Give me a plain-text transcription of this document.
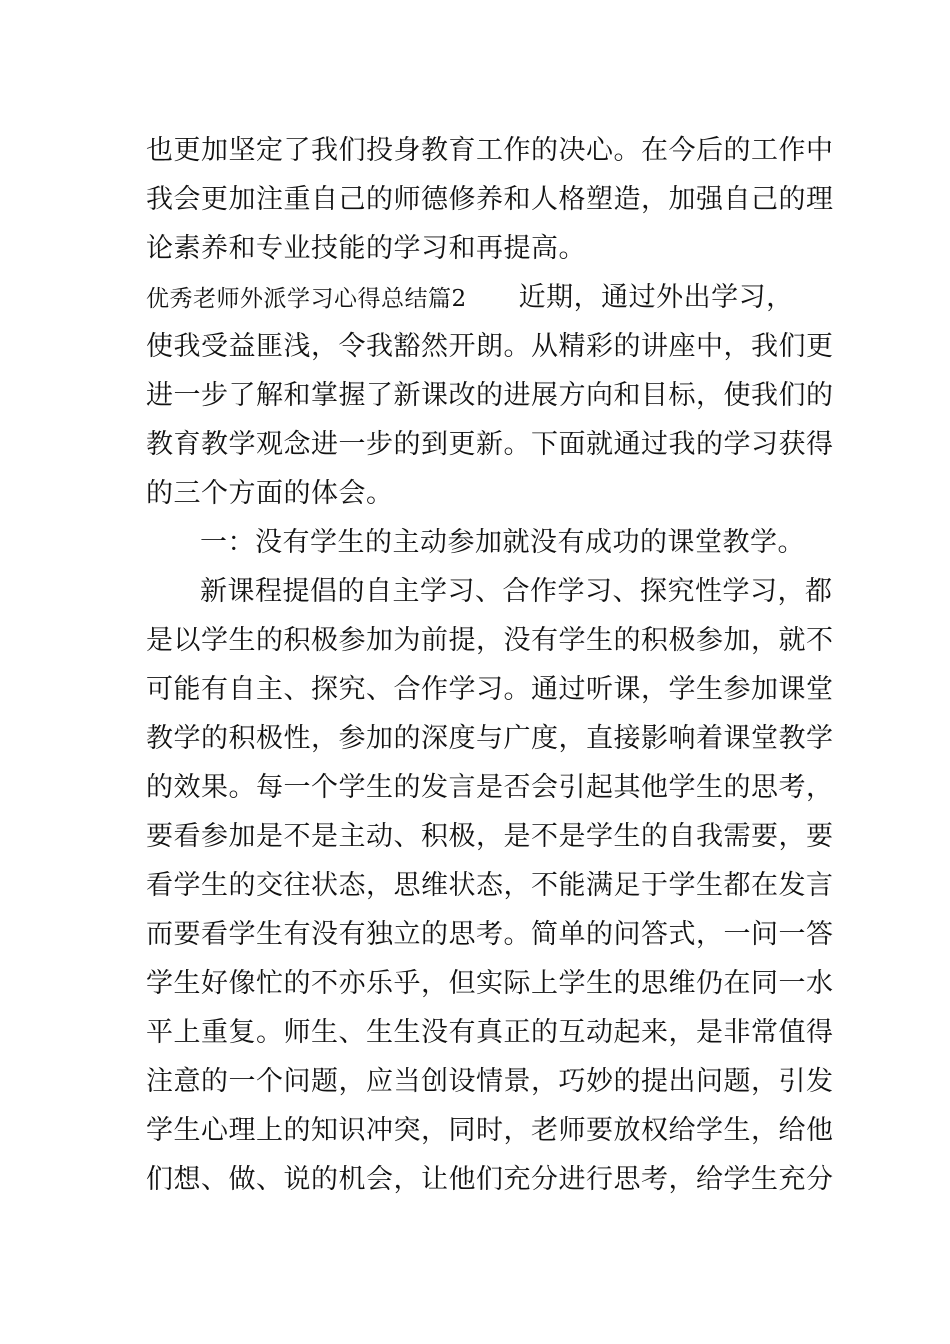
也更加坚定了我们投身教育工作的决心。在今后的工作中
我会更加注重自己的师德修养和人格塑造，加强自己的理
论素养和专业技能的学习和再提高。
优秀老师外派学习心得总结篇2 近期，通过外出学习，
使我受益匪浅，令我豁然开朗。从精彩的讲座中，我们更
进一步了解和掌握了新课改的进展方向和目标，使我们的
教育教学观念进一步的到更新。下面就通过我的学习获得
的三个方面的体会。
一：没有学生的主动参加就没有成功的课堂教学。
新课程提倡的自主学习、合作学习、探究性学习，都
是以学生的积极参加为前提，没有学生的积极参加，就不
可能有自主、探究、合作学习。通过听课，学生参加课堂
教学的积极性，参加的深度与广度，直接影响着课堂教学
的效果。每一个学生的发言是否会引起其他学生的思考，
要看参加是不是主动、积极，是不是学生的自我需要，要
看学生的交往状态，思维状态，不能满足于学生都在发言
而要看学生有没有独立的思考。简单的问答式，一问一答
学生好像忙的不亦乐乎，但实际上学生的思维仍在同一水
平上重复。师生、生生没有真正的互动起来，是非常值得
注意的一个问题，应当创设情景，巧妙的提出问题，引发
学生心理上的知识冲突，同时，老师要放权给学生，给他
们想、做、说的机会，让他们充分进行思考，给学生充分
